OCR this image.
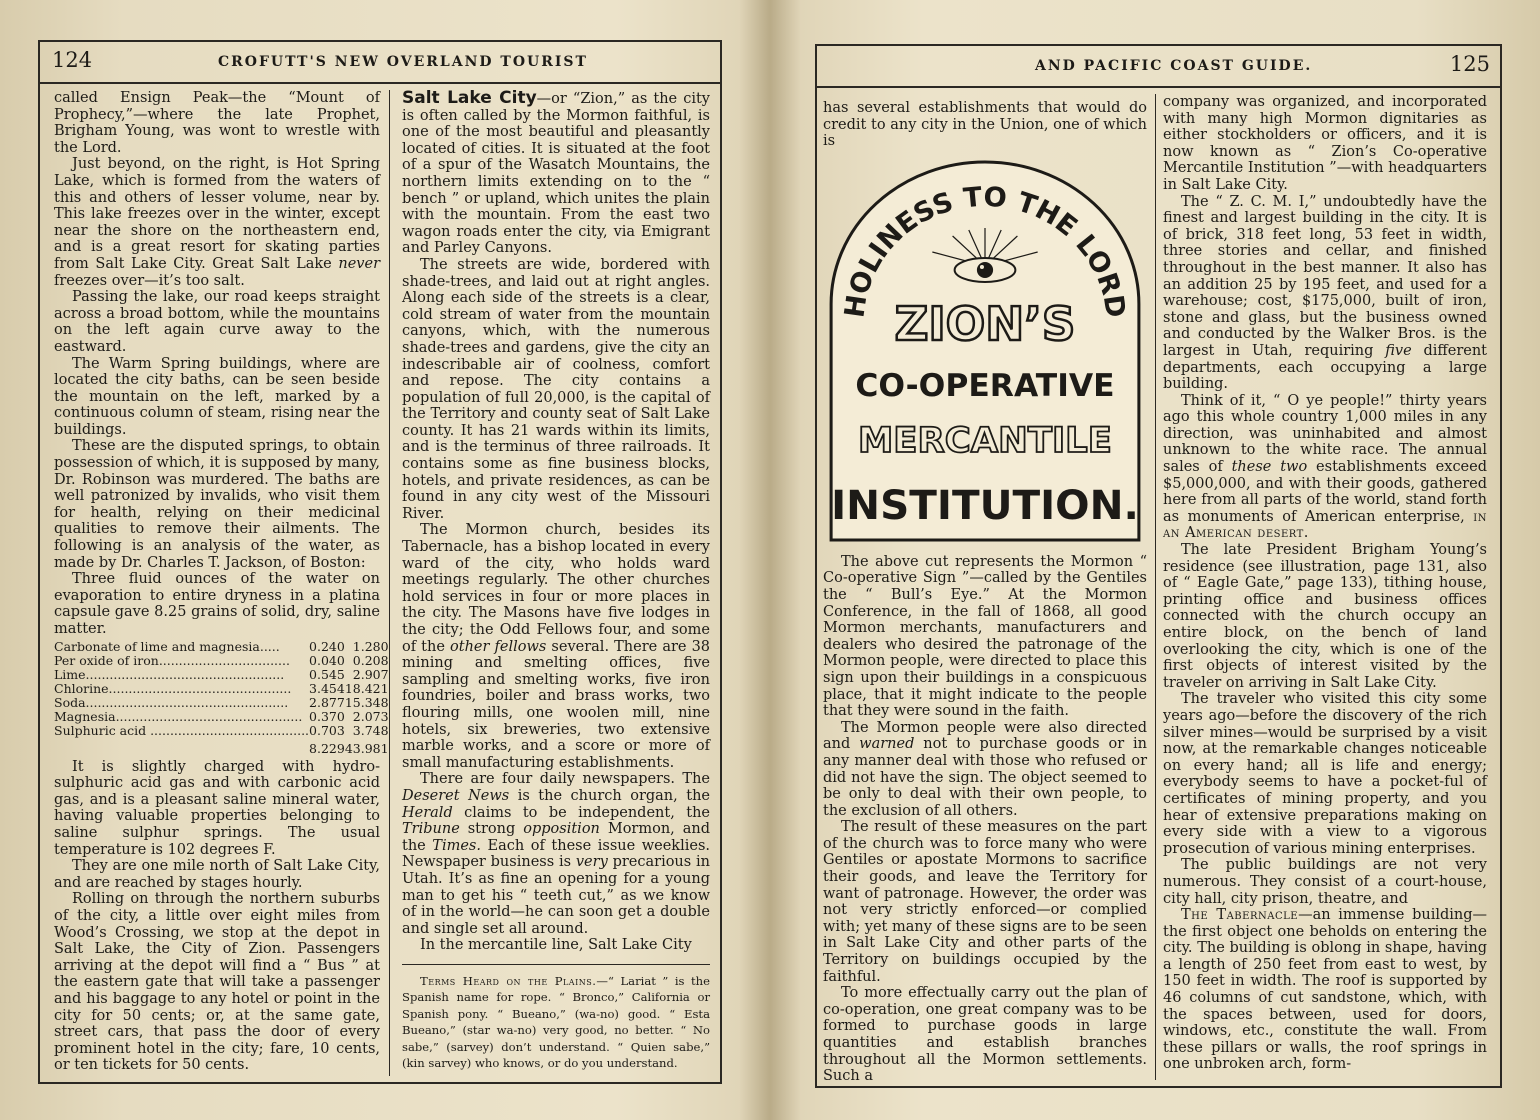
124	CROFUTT'S NEW OVERLAND TOURIST

called Ensign Peak—the “Mount of Prophecy,”—where the late Prophet, Brigham Young, was wont to wrestle with the Lord.

Just beyond, on the right, is Hot Spring Lake, which is formed from the waters of this and others of lesser volume, near by. This lake freezes over in the winter, except near the shore on the northeastern end, and is a great resort for skating parties from Salt Lake City. Great Salt Lake never freezes over—it’s too salt.

Passing the lake, our road keeps straight across a broad bottom, while the mountains on the left again curve away to the eastward.

The Warm Spring buildings, where are located the city baths, can be seen beside the mountain on the left, marked by a continuous column of steam, rising near the buildings.

These are the disputed springs, to obtain possession of which, it is supposed by many, Dr. Robinson was murdered. The baths are well patronized by invalids, who visit them for health, relying on their medicinal qualities to remove their ailments. The following is an analysis of the water, as made by Dr. Charles T. Jackson, of Boston:

Three fluid ounces of the water on evaporation to entire dryness in a platina capsule gave 8.25 grains of solid, dry, saline matter.

Carbonate of lime and magnesia.....	0.240	1.280
Per oxide of iron.................................	0.040	0.208
Lime..................................................	0.545	2.907
Chlorine..............................................	3.454	18.421
Soda...................................................	2.877	15.348
Magnesia...............................................	0.370	2.073
Sulphuric acid ........................................	0.703	3.748
	8.229	43.981

It is slightly charged with hydro-sulphuric acid gas and with carbonic acid gas, and is a pleasant saline mineral water, having valuable properties belonging to saline sulphur springs. The usual temperature is 102 degrees F.

They are one mile north of Salt Lake City, and are reached by stages hourly.

Rolling on through the northern suburbs of the city, a little over eight miles from Wood’s Crossing, we stop at the depot in Salt Lake, the City of Zion. Passengers arriving at the depot will find a “ Bus ” at the eastern gate that will take a passenger and his baggage to any hotel or point in the city for 50 cents; or, at the same gate, street cars, that pass the door of every prominent hotel in the city; fare, 10 cents, or ten tickets for 50 cents.

Salt Lake City—or “Zion,” as the city is often called by the Mormon faithful, is one of the most beautiful and pleasantly located of cities. It is situated at the foot of a spur of the Wasatch Mountains, the northern limits extending on to the “ bench ” or upland, which unites the plain with the mountain. From the east two wagon roads enter the city, via Emigrant and Parley Canyons.

The streets are wide, bordered with shade-trees, and laid out at right angles. Along each side of the streets is a clear, cold stream of water from the mountain canyons, which, with the numerous shade-trees and gardens, give the city an indescribable air of coolness, comfort and repose. The city contains a population of full 20,000, is the capital of the Territory and county seat of Salt Lake county. It has 21 wards within its limits, and is the terminus of three railroads. It contains some as fine business blocks, hotels, and private residences, as can be found in any city west of the Missouri River.

The Mormon church, besides its Tabernacle, has a bishop located in every ward of the city, who holds ward meetings regularly. The other churches hold services in four or more places in the city. The Masons have five lodges in the city; the Odd Fellows four, and some of the other fellows several. There are 38 mining and smelting offices, five sampling and smelting works, five iron foundries, boiler and brass works, two flouring mills, one woolen mill, nine hotels, six breweries, two extensive marble works, and a score or more of small manufacturing establishments.

There are four daily newspapers. The Deseret News is the church organ, the Herald claims to be independent, the Tribune strong opposition Mormon, and the Times. Each of these issue weeklies. Newspaper business is very precarious in Utah. It’s as fine an opening for a young man to get his “ teeth cut,” as we know of in the world—he can soon get a double and single set all around.

In the mercantile line, Salt Lake City

Terms Heard on the Plains.—“ Lariat ” is the Spanish name for rope. “ Bronco,” California or Spanish pony. “ Bueano,” (wa-no) good. “ Esta Bueano,” (star wa-no) very good, no better. “ No sabe,” (sarvey) don’t understand. “ Quien sabe,” (kin sarvey) who knows, or do you understand.

AND PACIFIC COAST GUIDE.	125

has several establishments that would do credit to any city in the Union, one of which is

HOLINESS TO THE LORD
ZION’S
CO-OPERATIVE
MERCANTILE
INSTITUTION.

The above cut represents the Mormon “ Co-operative Sign ”—called by the Gentiles the “ Bull’s Eye.” At the Mormon Conference, in the fall of 1868, all good Mormon merchants, manufacturers and dealers who desired the patronage of the Mormon people, were directed to place this sign upon their buildings in a conspicuous place, that it might indicate to the people that they were sound in the faith.

The Mormon people were also directed and warned not to purchase goods or in any manner deal with those who refused or did not have the sign. The object seemed to be only to deal with their own people, to the exclusion of all others.

The result of these measures on the part of the church was to force many who were Gentiles or apostate Mormons to sacrifice their goods, and leave the Territory for want of patronage. However, the order was not very strictly enforced—or complied with; yet many of these signs are to be seen in Salt Lake City and other parts of the Territory on buildings occupied by the faithful.

To more effectually carry out the plan of co-operation, one great company was to be formed to purchase goods in large quantities and establish branches throughout all the Mormon settlements. Such a

company was organized, and incorporated with many high Mormon dignitaries as either stockholders or officers, and it is now known as “ Zion’s Co-operative Mercantile Institution ”—with headquarters in Salt Lake City.

The “ Z. C. M. I,” undoubtedly have the finest and largest building in the city. It is of brick, 318 feet long, 53 feet in width, three stories and cellar, and finished throughout in the best manner. It also has an addition 25 by 195 feet, and used for a warehouse; cost, $175,000, built of iron, stone and glass, but the business owned and conducted by the Walker Bros. is the largest in Utah, requiring five different departments, each occupying a large building.

Think of it, “ O ye people!” thirty years ago this whole country 1,000 miles in any direction, was uninhabited and almost unknown to the white race. The annual sales of these two establishments exceed $5,000,000, and with their goods, gathered here from all parts of the world, stand forth as monuments of American enterprise, in an American desert.

The late President Brigham Young’s residence (see illustration, page 131, also of “ Eagle Gate,” page 133), tithing house, printing office and business offices connected with the church occupy an entire block, on the bench of land overlooking the city, which is one of the first objects of interest visited by the traveler on arriving in Salt Lake City.

The traveler who visited this city some years ago—before the discovery of the rich silver mines—would be surprised by a visit now, at the remarkable changes noticeable on every hand; all is life and energy; everybody seems to have a pocket-ful of certificates of mining property, and you hear of extensive preparations making on every side with a view to a vigorous prosecution of various mining enterprises.

The public buildings are not very numerous. They consist of a court-house, city hall, city prison, theatre, and

The Tabernacle—an immense building—the first object one beholds on entering the city. The building is oblong in shape, having a length of 250 feet from east to west, by 150 feet in width. The roof is supported by 46 columns of cut sandstone, which, with the spaces between, used for doors, windows, etc., constitute the wall. From these pillars or walls, the roof springs in one unbroken arch, form-
